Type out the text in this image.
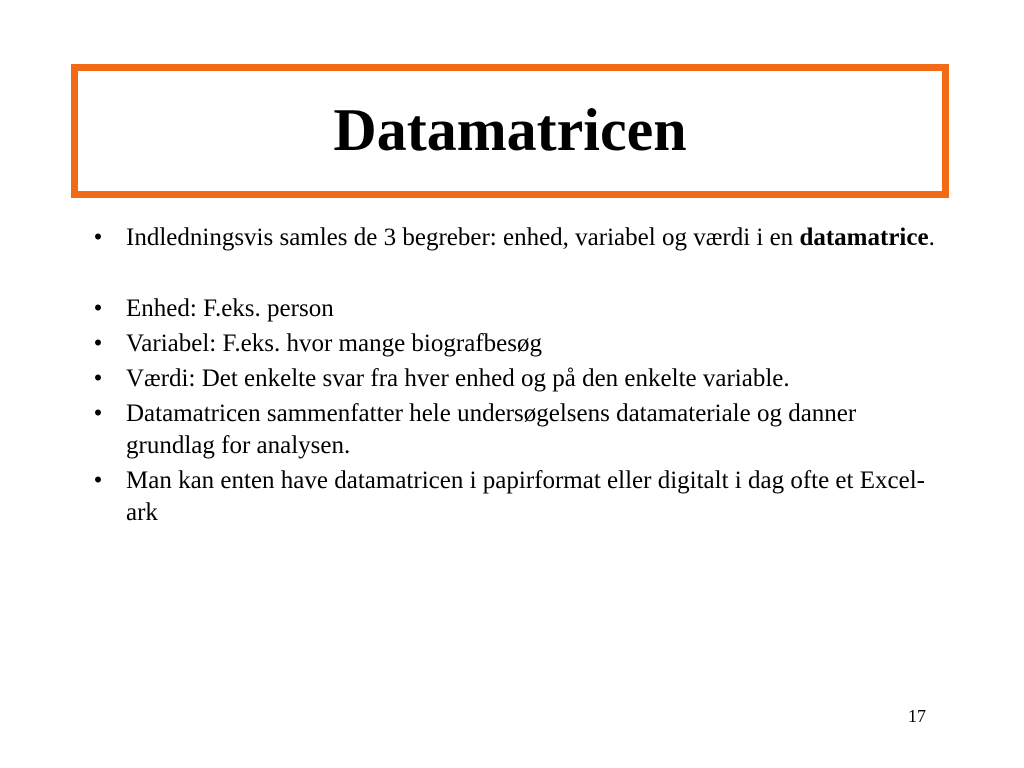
Datamatricen
• Indledningsvis samles de 3 begreber: enhed, variabel og værdi i en datamatrice.
• Enhed: F.eks. person
• Variabel: F.eks. hvor mange biografbesøg
• Værdi: Det enkelte svar fra hver enhed og på den enkelte variable.
• Datamatricen sammenfatter hele undersøgelsens datamateriale og danner grundlag for analysen.
• Man kan enten have datamatricen i papirformat eller digitalt i dag ofte et Excel-ark
17
